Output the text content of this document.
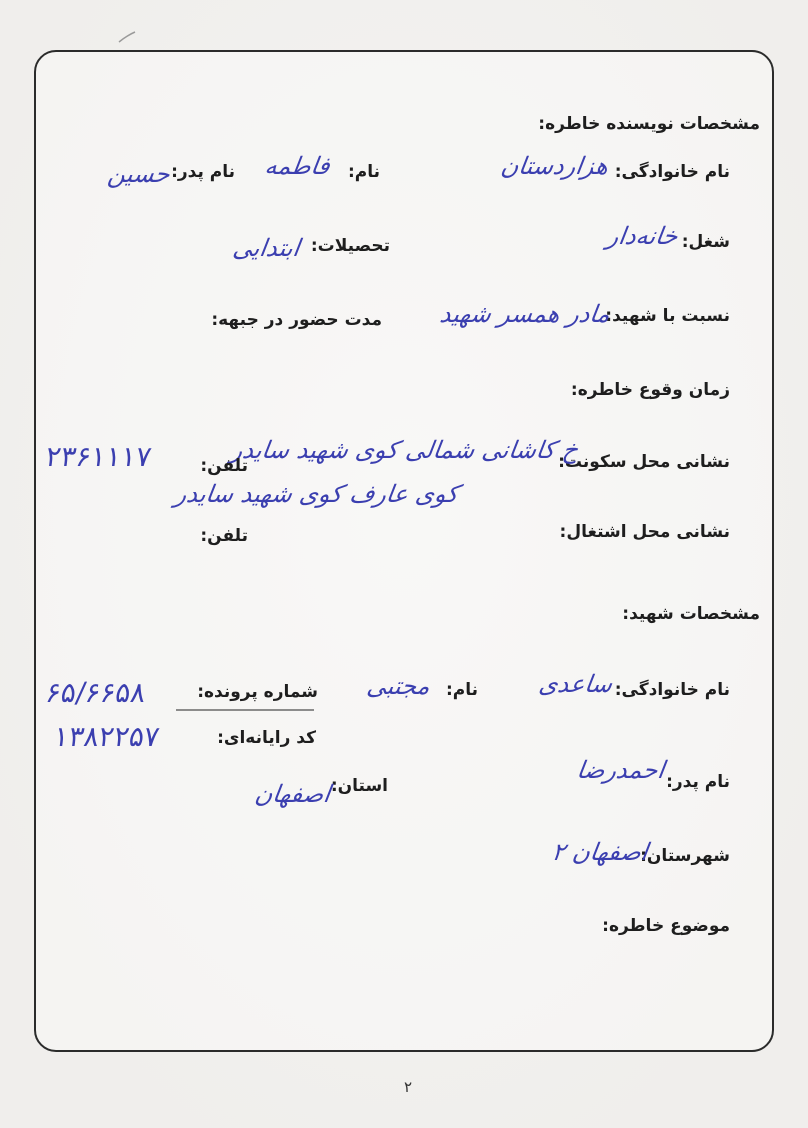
مشخصات نویسنده خاطره:
نام خانوادگی:
هزاردستان
نام:
فاطمه
نام پدر:
حسین
شغل:
خانه‌دار
تحصیلات:
ابتدایی
نسبت با شهید:
مادر همسر شهید
مدت حضور در جبهه:
زمان وقوع خاطره:
نشانی محل سکونت:
خ کاشانی شمالی کوی شهید سایدر
تلفن:
۲۳۶۱۱۱۷
کوی عارف کوی شهید سایدر
نشانی محل اشتغال:
تلفن:
مشخصات شهید:
نام خانوادگی:
ساعدی
نام:
مجتبی
شماره پرونده:
۶۵/۶۶۵۸
کد رایانه‌ای:
۱۳۸۲۲۵۷
نام پدر:
احمدرضا
استان:
اصفهان
شهرستان:
اصفهان ۲
موضوع خاطره:
۲
